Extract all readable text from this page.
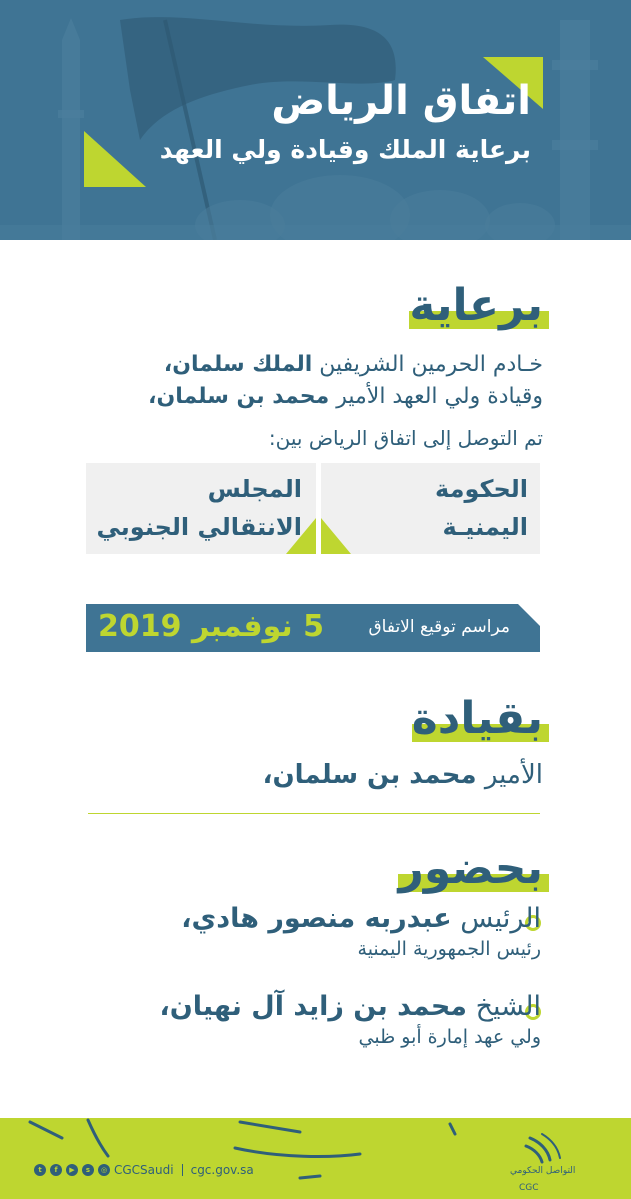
اتفاق الرياض
برعاية الملك وقيادة ولي العهد
برعاية
خـادم الحرمين الشريفين الملك سلمان،
وقيادة ولي العهد الأمير محمد بن سلمان،
تم التوصل إلى اتفاق الرياض بين:
الحكومة
اليمنيـة
المجلس
الانتقالي الجنوبي
مراسم توقيع الاتفاق
5 نوفمبر 2019
بقيادة
الأمير محمد بن سلمان،
بحضور
الرئيس عبدربه منصور هادي،
رئيس الجمهورية اليمنية
الشيخ محمد بن زايد آل نهيان،
ولي عهد إمارة أبو ظبي
t	f	▶	s	◎ CGCSaudi cgc.gov.sa	التواصل الحكومي
CGC
